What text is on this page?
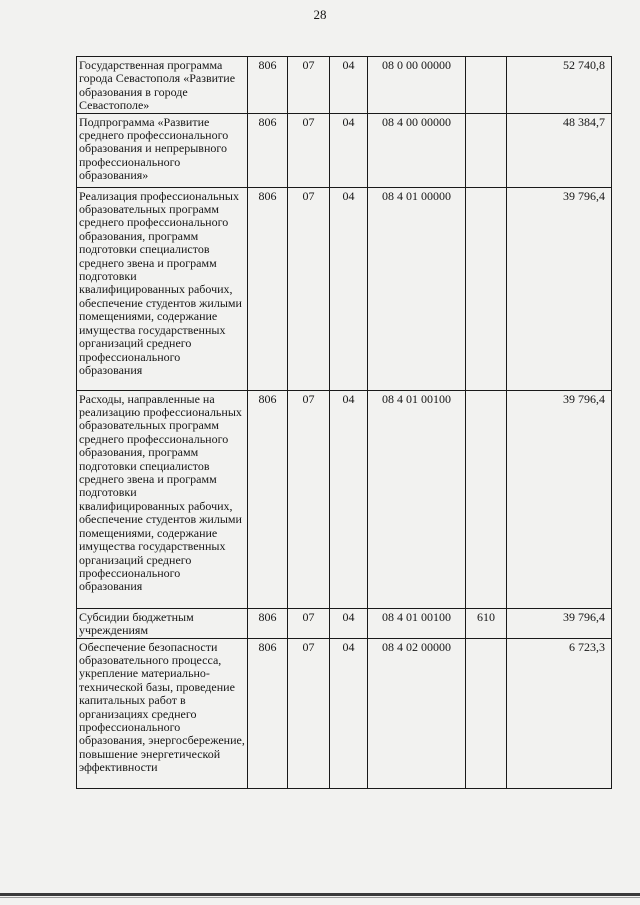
28
Государственная программа города Севастополя «Развитие образования в городе Севастополе»	806	07	04	08 0 00 00000		52 740,8
Подпрограмма «Развитие среднего профессионального образования и непрерывного профессионального образования»	806	07	04	08 4 00 00000		48 384,7
Реализация профессиональных образовательных программ среднего профессионального образования, программ подготовки специалистов среднего звена и программ подготовки квалифицированных рабочих, обеспечение студентов жилыми помещениями, содержание имущества государственных организаций среднего профессионального образования	806	07	04	08 4 01 00000		39 796,4
Расходы, направленные на реализацию профессиональных образовательных программ среднего профессионального образования, программ подготовки специалистов среднего звена и программ подготовки квалифицированных рабочих, обеспечение студентов жилыми помещениями, содержание имущества государственных организаций среднего профессионального образования	806	07	04	08 4 01 00100		39 796,4
Субсидии бюджетным учреждениям	806	07	04	08 4 01 00100	610	39 796,4
Обеспечение безопасности образовательного процесса, укрепление материально-технической базы, проведение капитальных работ в организациях среднего профессионального образования, энергосбережение, повышение энергетической эффективности	806	07	04	08 4 02 00000		6 723,3
